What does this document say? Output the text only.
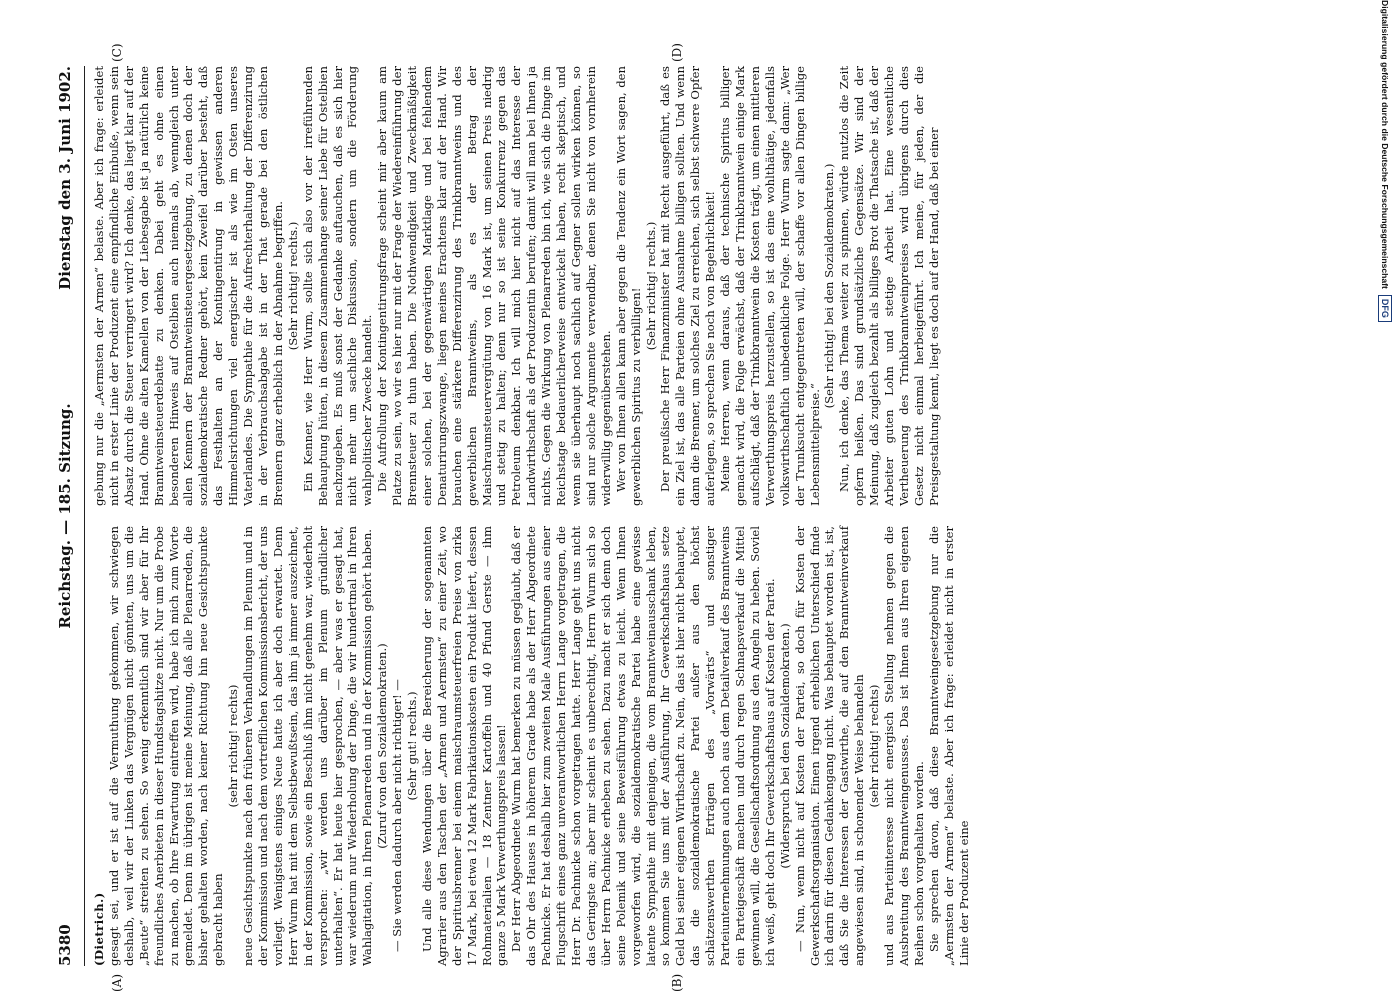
5380
Reichstag. — 185. Sitzung.
Dienstag den 3. Juni 1902.
(A)	(B)
(C)	(D)

(Dietrich.) gesagt sei, und er ist auf die Vermuthung gekommen, wir schwiegen deshalb, weil wir der Linken das Vergnügen nicht gönnten, uns um die „Beute“ streiten zu sehen. So wenig erkenntlich sind wir aber für Ihr freundliches Anerbieten in dieser Hundstagshitze nicht. Nur um die Probe zu machen, ob Ihre Erwartung eintreffen wird, habe ich mich zum Worte gemeldet. Denn im übrigen ist meine Meinung, daß alle Plenarreden, die bisher gehalten worden, nach keiner Richtung hin neue Gesichtspunkte gebracht haben

(sehr richtig! rechts) neue Gesichtspunkte nach den früheren Verhandlungen im Plenum und in der Kommission und nach dem vortrefflichen Kommissionsbericht, der uns vorliegt. Wenigstens einiges Neue hatte ich aber doch erwartet. Denn Herr Wurm hat mit dem Selbstbewußtsein, das ihm ja immer auszeichnet, in der Kommission, sowie ein Beschluß ihm nicht genehm war, wiederholt versprochen: „wir werden uns darüber im Plenum gründlicher unterhalten“. Er hat heute hier gesprochen, — aber was er gesagt hat, war wiederum nur Wiederholung der Dinge, die wir hundertmal in Ihren Wahlagitation, in Ihren Plenarreden und in der Kommission gehört haben. (Zuruf von den Sozialdemokraten.) — Sie werden dadurch aber nicht richtiger! — (Sehr gut! rechts.) Und alle diese Wendungen über die Bereicherung der sogenannten Agrarier aus den Taschen der „Armen und Aermsten“ zu einer Zeit, wo der Spiritusbrenner bei einem maischraumsteuerfreien Preise von zirka 17 Mark, bei etwa 12 Mark Fabrikationskosten ein Produkt liefert, dessen Rohmaterialien — 18 Zentner Kartoffeln und 40 Pfund Gerste — ihm ganze 5 Mark Verwerthungspreis lassen! Der Herr Abgeordnete Wurm hat bemerken zu müssen geglaubt, daß er das Ohr des Hauses in höherem Grade habe als der Herr Abgeordnete Pachnicke. Er hat deshalb hier zum zweiten Male Ausführungen aus einer Flugschrift eines ganz unverantwortlichen Herrn Lange vorgetragen, die Herr Dr. Pachnicke schon vorgetragen hatte. Herr Lange geht uns nicht das Geringste an; aber mir scheint es unberechtigt, Herrn Wurm sich so über Herrn Pachnicke erheben zu sehen. Dazu macht er sich denn doch seine Polemik und seine Beweisführung etwas zu leicht. Wenn Ihnen vorgeworfen wird, die sozialdemokratische Partei habe eine gewisse latente Sympathie mit denjenigen, die vom Branntweinausschank leben, so kommen Sie uns mit der Ausführung, Ihr Gewerkschaftshaus setze Geld bei seiner eigenen Wirthschaft zu. Nein, das ist hier nicht behauptet, das die sozialdemokratische Partei außer aus den höchst schätzenswerthen Erträgen des „Vorwärts“ und sonstiger Parteiunternehmungen auch noch aus dem Detailverkauf des Branntweins ein Parteigeschäft machen und durch regen Schnapsverkauf die Mittel gewinnen will, die Gesellschaftsordnung aus den Angeln zu heben. Soviel ich weiß, geht doch Ihr Gewerkschaftshaus auf Kosten der Partei. (Widerspruch bei den Sozialdemokraten.) — Nun, wenn nicht auf Kosten der Partei, so doch für Kosten der Gewerkschaftsorganisation. Einen irgend erheblichen Unterschied finde ich darin für diesen Gedankengang nicht. Was behauptet worden ist, ist, daß Sie die Interessen der Gastwirthe, die auf den Branntweinverkauf angewiesen sind, in schonender Weise behandeln (sehr richtig! rechts) und aus Parteiinteresse nicht energisch Stellung nehmen gegen die Ausbreitung des Branntweingenusses. Das ist Ihnen aus Ihren eigenen Reihen schon vorgehalten worden. Sie sprechen davon, daß diese Branntweingesetzgebung nur die „Aermsten der Armen“ belaste. Aber ich frage: erleidet nicht in erster Linie der Produzent eine

gebung nur die „Aermsten der Armen“ belaste. Aber ich frage: erleidet nicht in erster Linie der Produzent eine empfindliche Einbuße, wenn sein Absatz durch die Steuer verringert wird? Ich denke, das liegt klar auf der Hand. Ohne die alten Kamellen von der Liebesgabe ist ja natürlich keine Branntweinsteuerdebatte zu denken. Dabei geht es ohne einen besonderen Hinweis auf Ostelbien auch niemals ab, wenngleich unter allen Kennern der Branntweinsteuergesetzgebung, zu denen doch der sozialdemokratische Redner gehört, kein Zweifel darüber besteht, daß das Festhalten an der Kontingentirung in gewissen anderen Himmelsrichtungen viel energischer ist als wie im Osten unseres Vaterlandes. Die Sympathie für die Aufrechterhaltung der Differenzirung in der Verbrauchsabgabe ist in der That gerade bei den östlichen Brennern ganz erheblich in der Abnahme begriffen. (Sehr richtig! rechts.) Ein Kenner, wie Herr Wurm, sollte sich also vor der irreführenden Behauptung hüten, in diesem Zusammenhange seiner Liebe für Ostelbien nachzugeben. Es muß sonst der Gedanke auftauchen, daß es sich hier nicht mehr um sachliche Diskussion, sondern um die Förderung wahlpolitischer Zwecke handelt. Die Aufrollung der Kontingentirungsfrage scheint mir aber kaum am Platze zu sein, wo wir es hier nur mit der Frage der Wiedereinführung der Brennsteuer zu thun haben. Die Nothwendigkeit und Zweckmäßigkeit einer solchen, bei der gegenwärtigen Marktlage und bei fehlendem Denaturirungszwange, liegen meines Erachtens klar auf der Hand. Wir brauchen eine stärkere Differenzirung des Trinkbranntweins und des gewerblichen Branntweins, als es der Betrag der Maischraumsteuervergütung von 16 Mark ist, um seinen Preis niedrig und stetig zu halten; denn nur so ist seine Konkurrenz gegen das Petroleum denkbar. Ich will mich hier nicht auf das Interesse der Landwirthschaft als der Produzentin berufen; damit will man bei Ihnen ja nichts. Gegen die Wirkung von Plenarreden bin ich, wie sich die Dinge im Reichstage bedauerlicherweise entwickelt haben, recht skeptisch, und wenn sie überhaupt noch sachlich auf Gegner sollen wirken können, so sind nur solche Argumente verwendbar, denen Sie nicht von vornherein widerwillig gegenüberstehen. Wer von Ihnen allen kann aber gegen die Tendenz ein Wort sagen, den gewerblichen Spiritus zu verbilligen!

(Sehr richtig! rechts.) Der preußische Herr Finanzminister hat mit Recht ausgeführt, daß es ein Ziel ist, das alle Parteien ohne Ausnahme billigen sollten. Und wenn dann die Brenner, um solches Ziel zu erreichen, sich selbst schwere Opfer auferlegen, so sprechen Sie noch von Begehrlichkeit! Meine Herren, wenn daraus, daß der technische Spiritus billiger gemacht wird, die Folge erwächst, daß der Trinkbranntwein einige Mark aufschlägt, daß der Trinkbranntwein die Kosten trägt, um einen mittleren Verwerthungspreis herzustellen, so ist das eine wohlthätige, jedenfalls volkswirthschaftlich unbedenkliche Folge. Herr Wurm sagte dann: „Wer der Trunksucht entgegentreten will, der schaffe vor allen Dingen billige Lebensmittelpreise.“

(Sehr richtig! bei den Sozialdemokraten.) Nun, ich denke, das Thema weiter zu spinnen, würde nutzlos die Zeit opfern heißen. Das sind grundsätzliche Gegensätze. Wir sind der Meinung, daß zugleich bezahlt als billiges Brot die Thatsache ist, daß der Arbeiter guten Lohn und stetige Arbeit hat. Eine wesentliche Vertheuerung des Trinkbranntweinpreises wird übrigens durch dies Gesetz nicht einmal herbeigeführt. Ich meine, für jeden, der die Preisgestaltung kennt, liegt es doch auf der Hand, daß bei einer	Digitalisierung gefördert durch die Deutsche Forschungsgemeinschaft
DFG
